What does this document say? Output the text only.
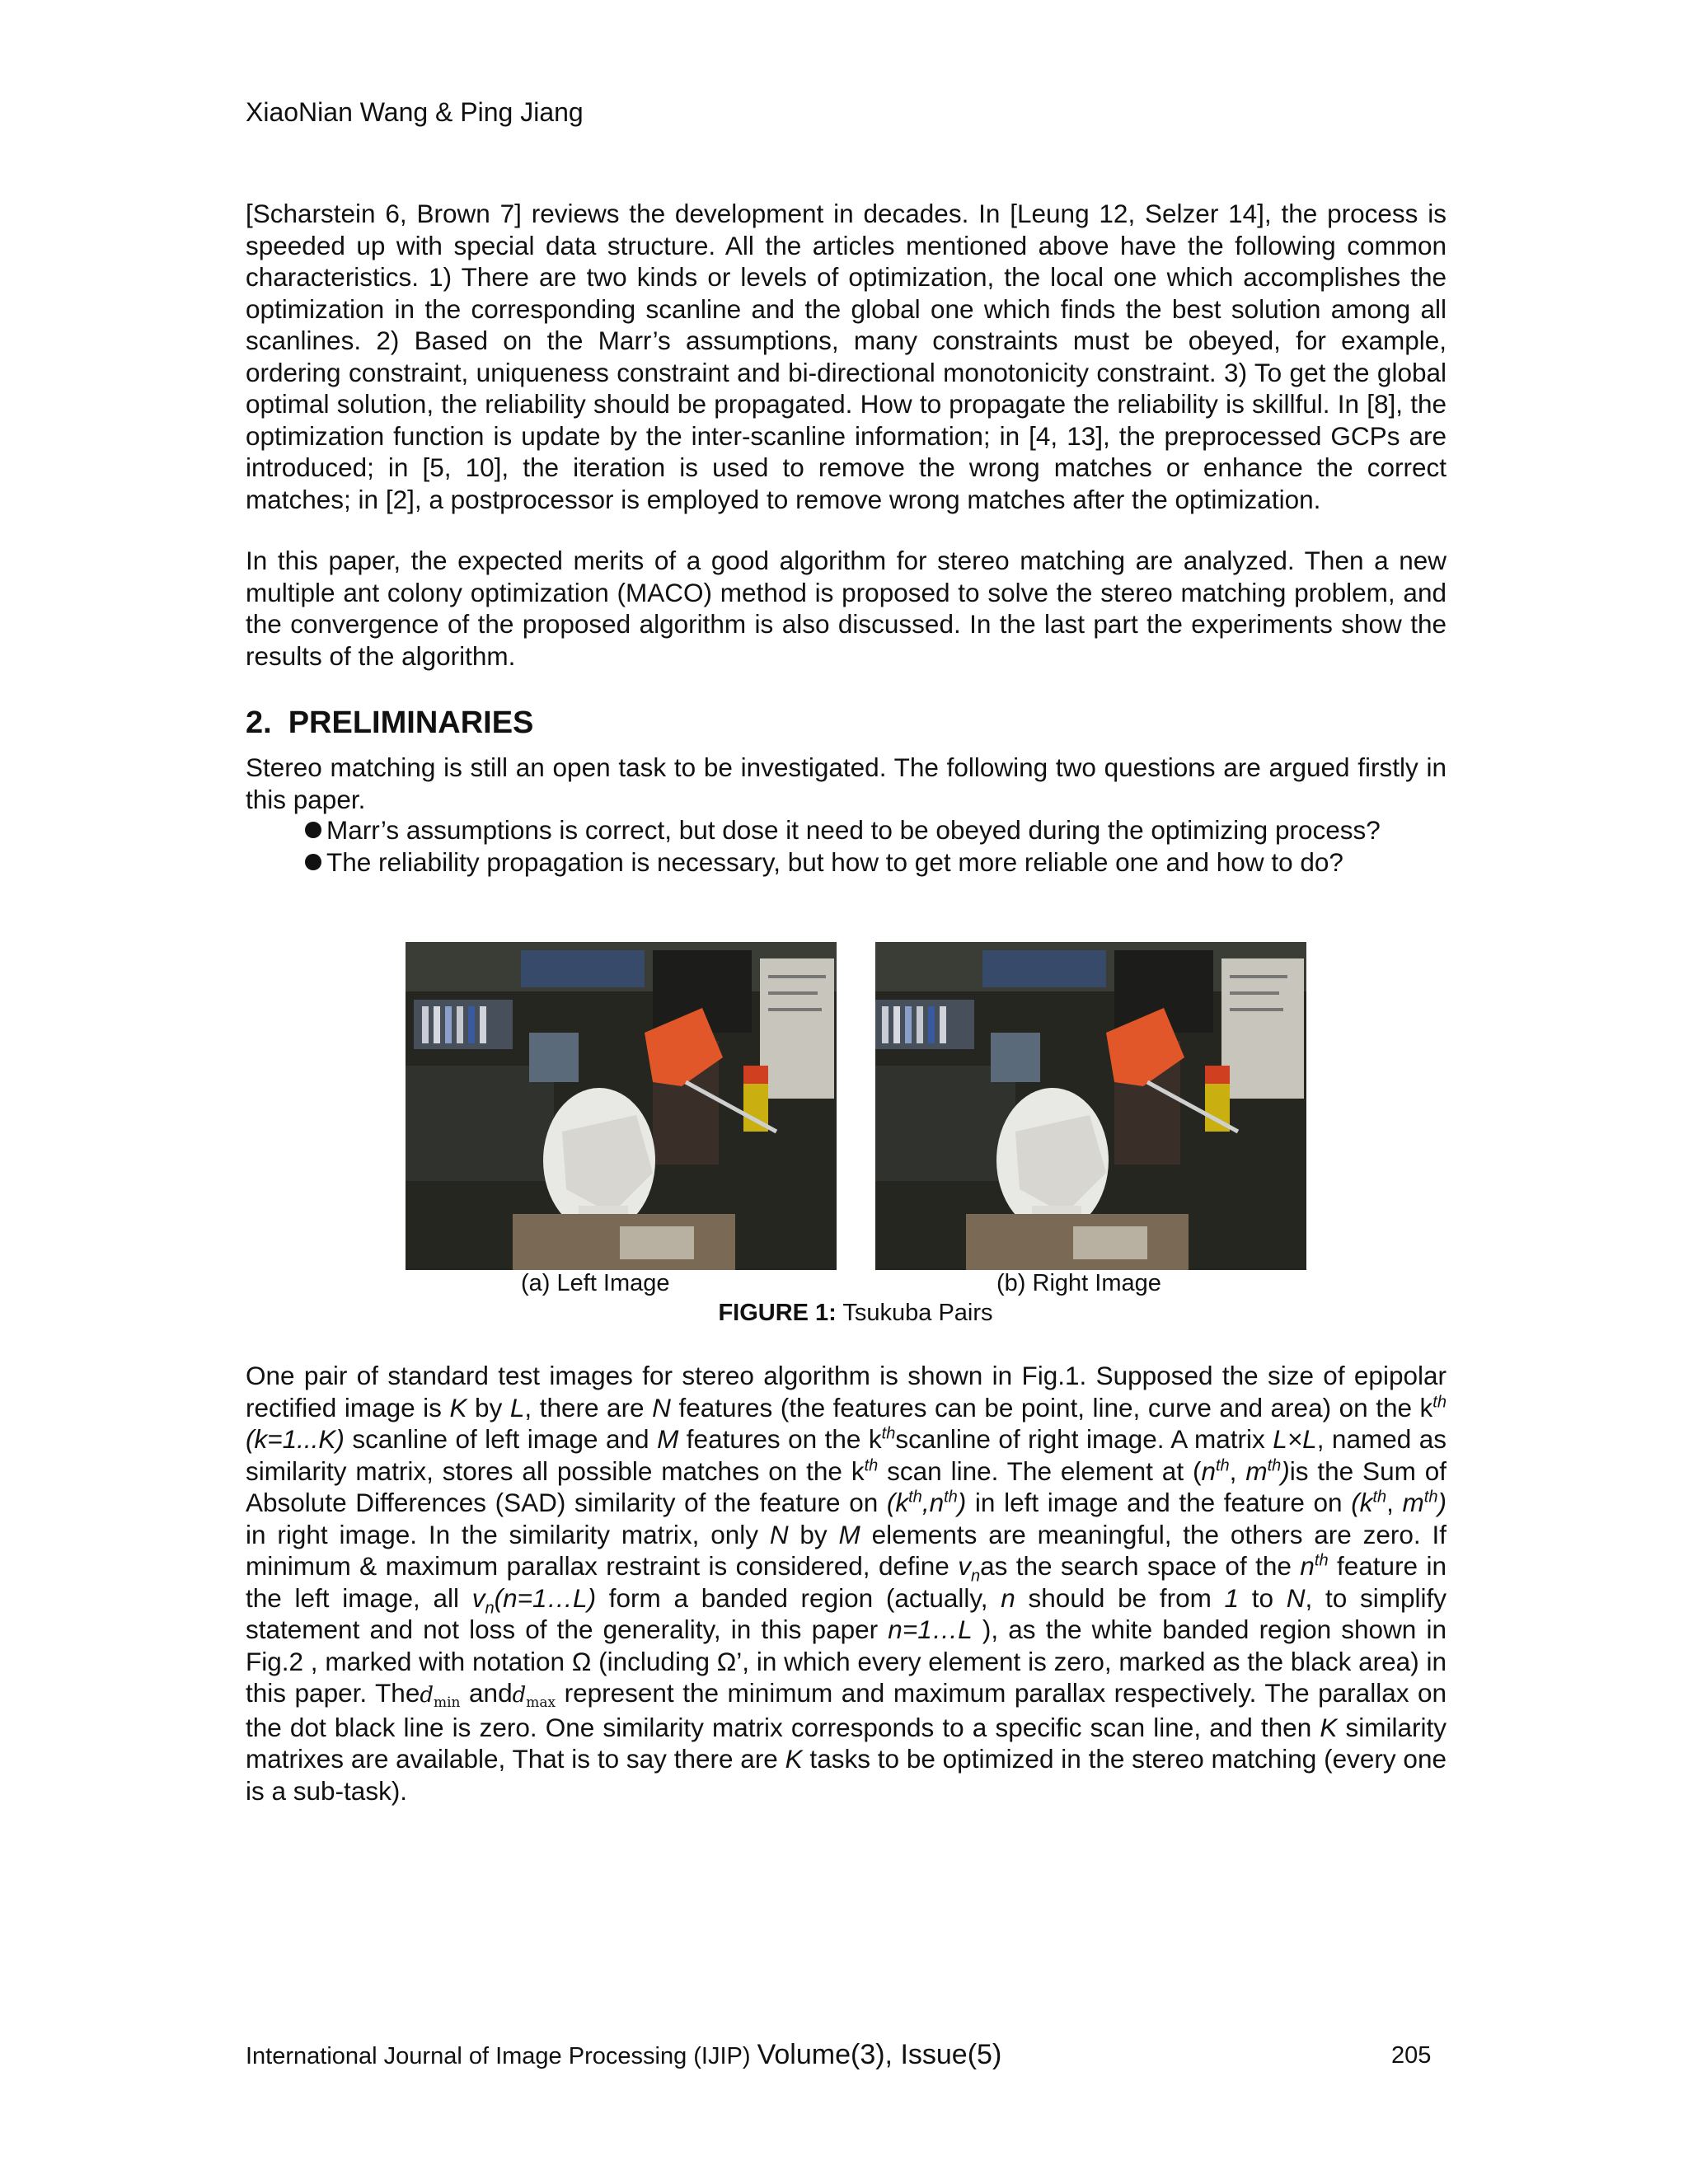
XiaoNian Wang & Ping Jiang
[Scharstein 6, Brown 7] reviews the development in decades. In [Leung 12, Selzer 14], the process is speeded up with special data structure. All the articles mentioned above have the following common characteristics. 1) There are two kinds or levels of optimization, the local one which accomplishes the optimization in the corresponding scanline and the global one which finds the best solution among all scanlines. 2) Based on the Marr’s assumptions, many constraints must be obeyed, for example, ordering constraint, uniqueness constraint and bi-directional monotonicity constraint. 3) To get the global optimal solution, the reliability should be propagated. How to propagate the reliability is skillful. In [8], the optimization function is update by the inter-scanline information; in [4, 13], the preprocessed GCPs are introduced; in [5, 10], the iteration is used to remove the wrong matches or enhance the correct matches; in [2], a postprocessor is employed to remove wrong matches after the optimization.
In this paper, the expected merits of a good algorithm for stereo matching are analyzed. Then a new multiple ant colony optimization (MACO) method is proposed to solve the stereo matching problem, and the convergence of the proposed algorithm is also discussed. In the last part the experiments show the results of the algorithm.
2. PRELIMINARIES
Stereo matching is still an open task to be investigated. The following two questions are argued firstly in this paper.
Marr’s assumptions is correct, but dose it need to be obeyed during the optimizing process?
The reliability propagation is necessary, but how to get more reliable one and how to do?
(a) Left Image	(b) Right Image
FIGURE 1: Tsukuba Pairs
One pair of standard test images for stereo algorithm is shown in Fig.1. Supposed the size of epipolar rectified image is K by L, there are N features (the features can be point, line, curve and area) on the $k^{th}$ (k=1...K) scanline of left image and M features on the $k^{th}scanline$ of right image. A matrix L×L, named as similarity matrix, stores all possible matches on the $k^{th}$ scan line. The element at ($n^{th}$, $m^{th})is$ the Sum of Absolute Differences (SAD) similarity of the feature on $(k^{th},n^{th})$ in left image and the feature on ($k^{th}$, $m^{th}$) in right image. In the similarity matrix, only N by M elements are meaningful, the others are zero. If minimum & maximum parallax restraint is considered, define $v_nas$ the search space of the $n^{th}$ feature in the left image, all $v_n(n=1\dots L)$ form a banded region (actually, n should be from 1 to N, to simplify statement and not loss of the generality, in this paper n=1…L ), as the white banded region shown in Fig.2 , marked with notation Ω (including Ω’, in which every element is zero, marked as the black area) in this paper. Thed$_{min}$ andd$_{max}$ represent the minimum and maximum parallax respectively. The parallax on the dot black line is zero. One similarity matrix corresponds to a specific scan line, and then K similarity matrixes are available, That is to say there are K tasks to be optimized in the stereo matching (every one is a sub-task).
International Journal of Image Processing (IJIP) Volume(3), Issue(5)	205
